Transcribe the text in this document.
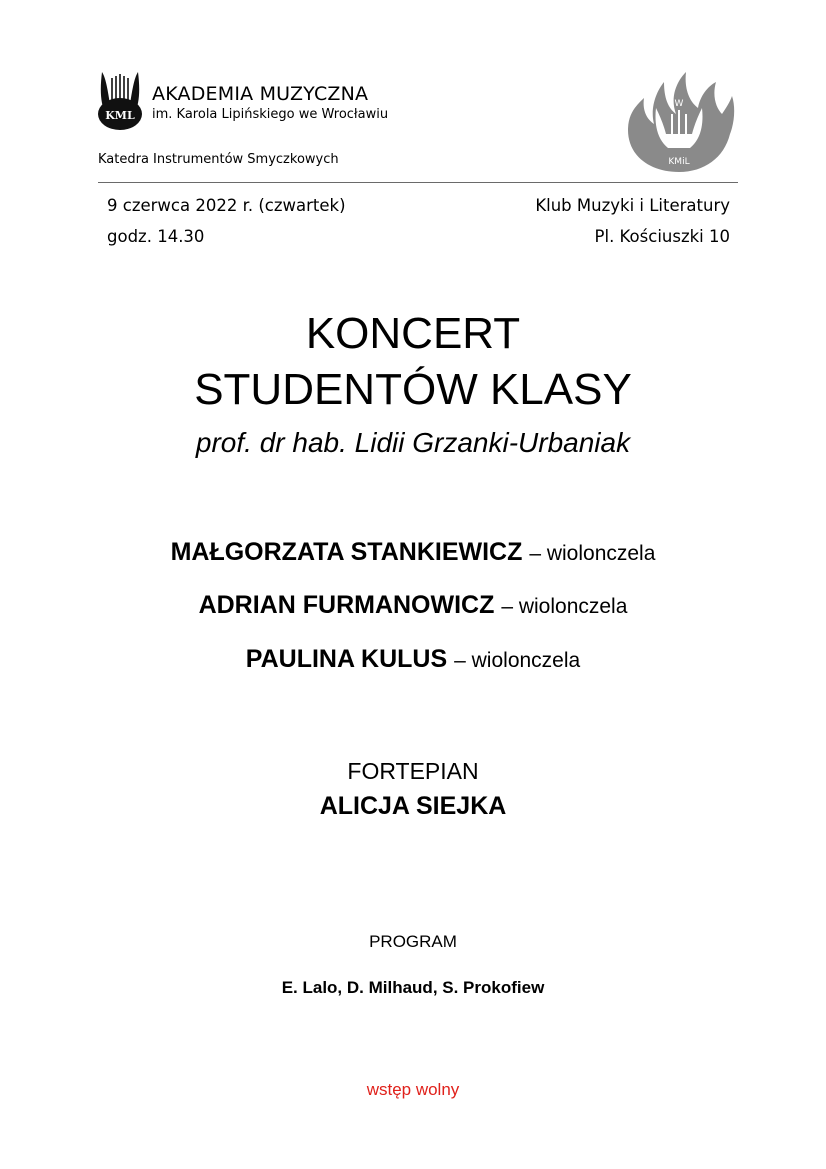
KML
AKADEMIA MUZYCZNA
im. Karola Lipińskiego we Wrocławiu
Katedra Instrumentów Smyczkowych
W
KMiL
9 czerwca 2022 r. (czwartek)
godz. 14.30
Klub Muzyki i Literatury
Pl. Kościuszki 10
KONCERT
STUDENTÓW KLASY
prof. dr hab. Lidii Grzanki-Urbaniak
MAŁGORZATA STANKIEWICZ – wiolonczela
ADRIAN FURMANOWICZ – wiolonczela
PAULINA KULUS – wiolonczela
FORTEPIAN
ALICJA SIEJKA
PROGRAM
E. Lalo, D. Milhaud, S. Prokofiew
wstęp wolny
